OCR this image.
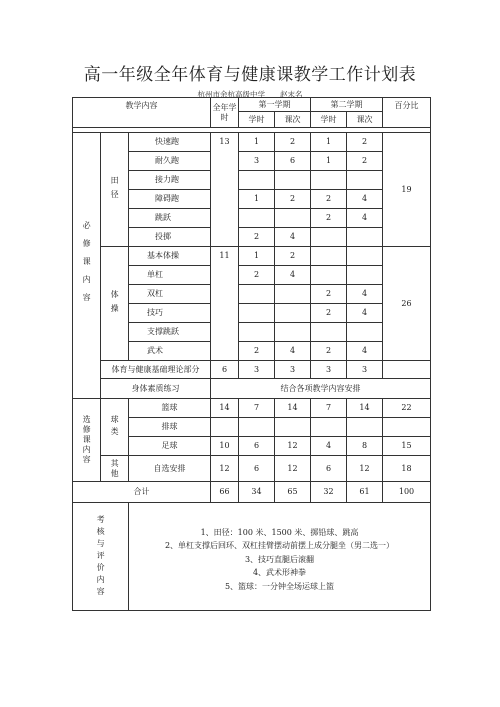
高一年级全年体育与健康课教学工作计划表
杭州市余杭高级中学　　赵末名
教学内容			全年学时	第一学期		第二学期		百分比
				学时	课次	学时	课次	

必修课内容	田径	快速跑	13	1	2	1	2	19
		耐久跑		3	6	1	2	
		接力跑						
		障碍跑		1	2	2	4	
		跳跃				2	4	
		投掷		2	4			
	体操	基本体操	11	1	2			26
		单杠		2	4			
		双杠				2	4	
		技巧				2	4	
		支撑跳跃						
		武术		2	4	2	4	
	体育与健康基础理论部分		6	3	3	3	3	
	身体素质练习		结合各项教学内容安排					
选修课内容	球类	篮球	14	7	14	7	14	22
		排球						
		足球	10	6	12	4	8	15
	其他	自选安排	12	6	12	6	12	18
合计			66	34	65	32	61	100
考核与评价内容		1、田径：100 米、1500 米、掷铅球、跳高
2、单杠支撑后回环、双杠挂臂摆动前摆上成分腿坐（男二选一）
3、技巧直腿后滚翻
4、武术形神拳
5、篮球：一分钟全场运球上篮						
